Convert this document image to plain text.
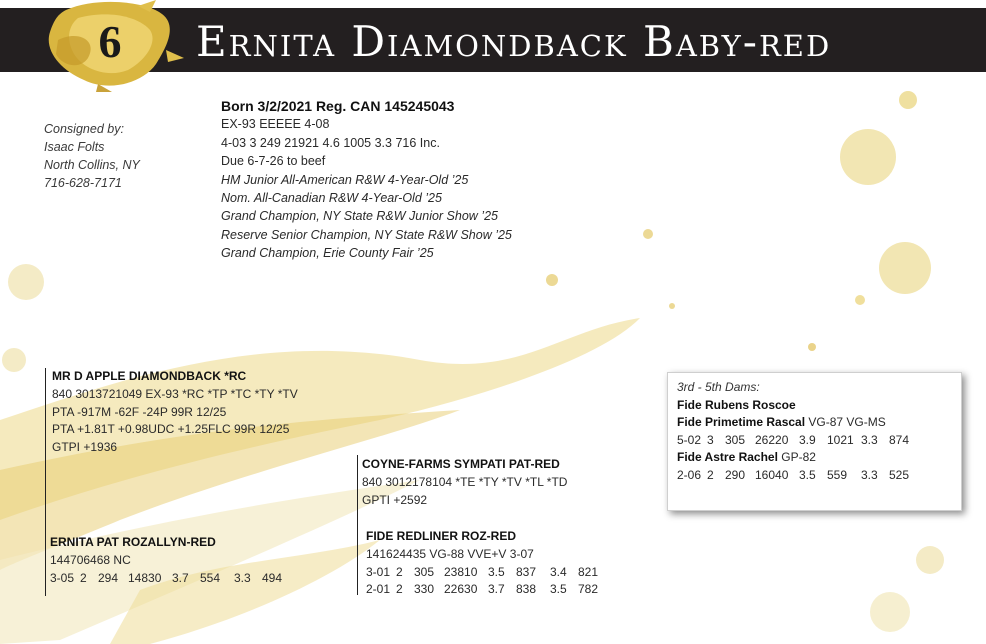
6 Ernita Diamondback Baby-red
Consigned by:
Isaac Folts
North Collins, NY
716-628-7171
Born 3/2/2021 Reg. CAN 145245043
EX-93 EEEEE 4-08
4-03 3 249 21921 4.6 1005 3.3 716 Inc.
Due 6-7-26 to beef
HM Junior All-American R&W 4-Year-Old ’25
Nom. All-Canadian R&W 4-Year-Old ’25
Grand Champion, NY State R&W Junior Show ’25
Reserve Senior Champion, NY State R&W Show ’25
Grand Champion, Erie County Fair ’25
MR D APPLE DIAMONDBACK *RC
840 3013721049 EX-93 *RC *TP *TC *TY *TV
PTA -917M -62F -24P 99R 12/25
PTA +1.81T +0.98UDC +1.25FLC 99R 12/25
GTPI +1936
ERNITA PAT ROZALLYN-RED
144706468 NC
3-05 2 294 14830 3.7 554 3.3 494
COYNE-FARMS SYMPATI PAT-RED
840 3012178104 *TE *TY *TV *TL *TD
GPTI +2592
FIDE REDLINER ROZ-RED
141624435 VG-88 VVE+V 3-07
3-01 2 305 23810 3.5 837 3.4 821
2-01 2 330 22630 3.7 838 3.5 782
3rd - 5th Dams:
Fide Rubens Roscoe
Fide Primetime Rascal VG-87 VG-MS
5-02 3 305 26220 3.9 1021 3.3 874
Fide Astre Rachel GP-82
2-06 2 290 16040 3.5 559 3.3 525
